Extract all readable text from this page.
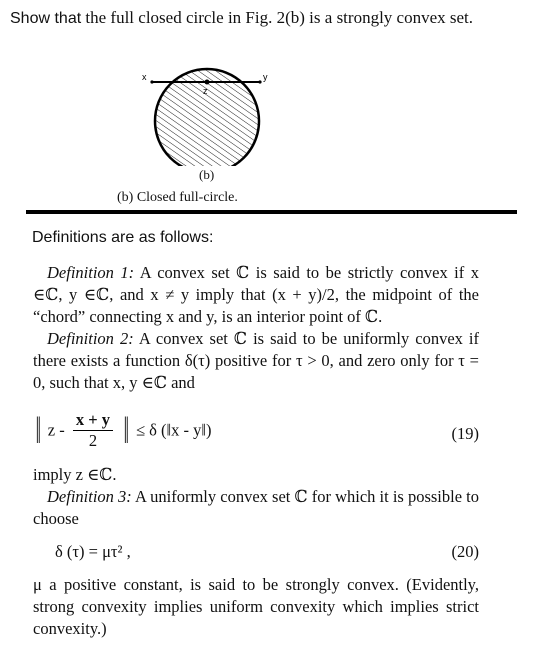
Show that the full closed circle in Fig. 2(b) is a strongly convex set.
x	y
z
(b)
(b) Closed full-circle.
Definitions are as follows:
Definition 1: A convex set ℂ is said to be strictly convex if x ∈ℂ, y ∈ℂ, and x ≠ y imply that (x + y)/2, the midpoint of the “chord” connecting x and y, is an interior point of ℂ.
Definition 2: A convex set ℂ is said to be uniformly convex if there exists a function δ(τ) positive for τ > 0, and zero only for τ = 0, such that x, y ∈ℂ and
‖ z - $\frac{x + y}{2}$ ‖ ≤ δ (‖x - y‖)	(19)
imply z ∈ℂ.
Definition 3: A uniformly convex set ℂ for which it is possible to choose
δ (τ) = μτ² ,	(20)
μ a positive constant, is said to be strongly convex. (Evidently, strong convexity implies uniform convexity which implies strict convexity.)
